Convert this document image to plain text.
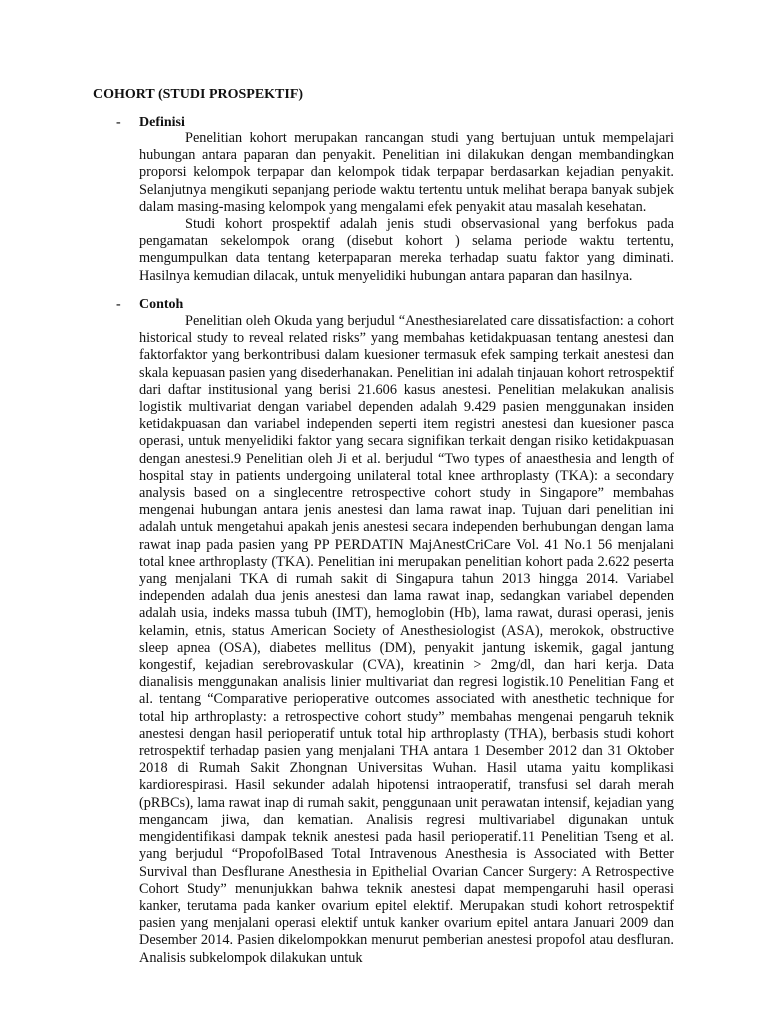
COHORT (STUDI PROSPEKTIF)
- Definisi

Penelitian kohort merupakan rancangan studi yang bertujuan untuk mempelajari hubungan antara paparan dan penyakit. Penelitian ini dilakukan dengan membandingkan proporsi kelompok terpapar dan kelompok tidak terpapar berdasarkan kejadian penyakit. Selanjutnya mengikuti sepanjang periode waktu tertentu untuk melihat berapa banyak subjek dalam masing-masing kelompok yang mengalami efek penyakit atau masalah kesehatan.

Studi kohort prospektif adalah jenis studi observasional yang berfokus pada pengamatan sekelompok orang (disebut kohort ) selama periode waktu tertentu, mengumpulkan data tentang keterpaparan mereka terhadap suatu faktor yang diminati. Hasilnya kemudian dilacak, untuk menyelidiki hubungan antara paparan dan hasilnya.

- Contoh

Penelitian oleh Okuda yang berjudul “Anesthesiarelated care dissatisfaction: a cohort historical study to reveal related risks” yang membahas ketidakpuasan tentang anestesi dan faktorfaktor yang berkontribusi dalam kuesioner termasuk efek samping terkait anestesi dan skala kepuasan pasien yang disederhanakan. Penelitian ini adalah tinjauan kohort retrospektif dari daftar institusional yang berisi 21.606 kasus anestesi. Penelitian melakukan analisis logistik multivariat dengan variabel dependen adalah 9.429 pasien menggunakan insiden ketidakpuasan dan variabel independen seperti item registri anestesi dan kuesioner pasca operasi, untuk menyelidiki faktor yang secara signifikan terkait dengan risiko ketidakpuasan dengan anestesi.9 Penelitian oleh Ji et al. berjudul “Two types of anaesthesia and length of hospital stay in patients undergoing unilateral total knee arthroplasty (TKA): a secondary analysis based on a singlecentre retrospective cohort study in Singapore” membahas mengenai hubungan antara jenis anestesi dan lama rawat inap. Tujuan dari penelitian ini adalah untuk mengetahui apakah jenis anestesi secara independen berhubungan dengan lama rawat inap pada pasien yang PP PERDATIN MajAnestCriCare Vol. 41 No.1 56 menjalani total knee arthroplasty (TKA). Penelitian ini merupakan penelitian kohort pada 2.622 peserta yang menjalani TKA di rumah sakit di Singapura tahun 2013 hingga 2014. Variabel independen adalah dua jenis anestesi dan lama rawat inap, sedangkan variabel dependen adalah usia, indeks massa tubuh (IMT), hemoglobin (Hb), lama rawat, durasi operasi, jenis kelamin, etnis, status American Society of Anesthesiologist (ASA), merokok, obstructive sleep apnea (OSA), diabetes mellitus (DM), penyakit jantung iskemik, gagal jantung kongestif, kejadian serebrovaskular (CVA), kreatinin > 2mg/dl, dan hari kerja. Data dianalisis menggunakan analisis linier multivariat dan regresi logistik.10 Penelitian Fang et al. tentang “Comparative perioperative outcomes associated with anesthetic technique for total hip arthroplasty: a retrospective cohort study” membahas mengenai pengaruh teknik anestesi dengan hasil perioperatif untuk total hip arthroplasty (THA), berbasis studi kohort retrospektif terhadap pasien yang menjalani THA antara 1 Desember 2012 dan 31 Oktober 2018 di Rumah Sakit Zhongnan Universitas Wuhan. Hasil utama yaitu komplikasi kardiorespirasi. Hasil sekunder adalah hipotensi intraoperatif, transfusi sel darah merah (pRBCs), lama rawat inap di rumah sakit, penggunaan unit perawatan intensif, kejadian yang mengancam jiwa, dan kematian. Analisis regresi multivariabel digunakan untuk mengidentifikasi dampak teknik anestesi pada hasil perioperatif.11 Penelitian Tseng et al. yang berjudul “PropofolBased Total Intravenous Anesthesia is Associated with Better Survival than Desflurane Anesthesia in Epithelial Ovarian Cancer Surgery: A Retrospective Cohort Study” menunjukkan bahwa teknik anestesi dapat mempengaruhi hasil operasi kanker, terutama pada kanker ovarium epitel elektif. Merupakan studi kohort retrospektif pasien yang menjalani operasi elektif untuk kanker ovarium epitel antara Januari 2009 dan Desember 2014. Pasien dikelompokkan menurut pemberian anestesi propofol atau desfluran. Analisis subkelompok dilakukan untuk
